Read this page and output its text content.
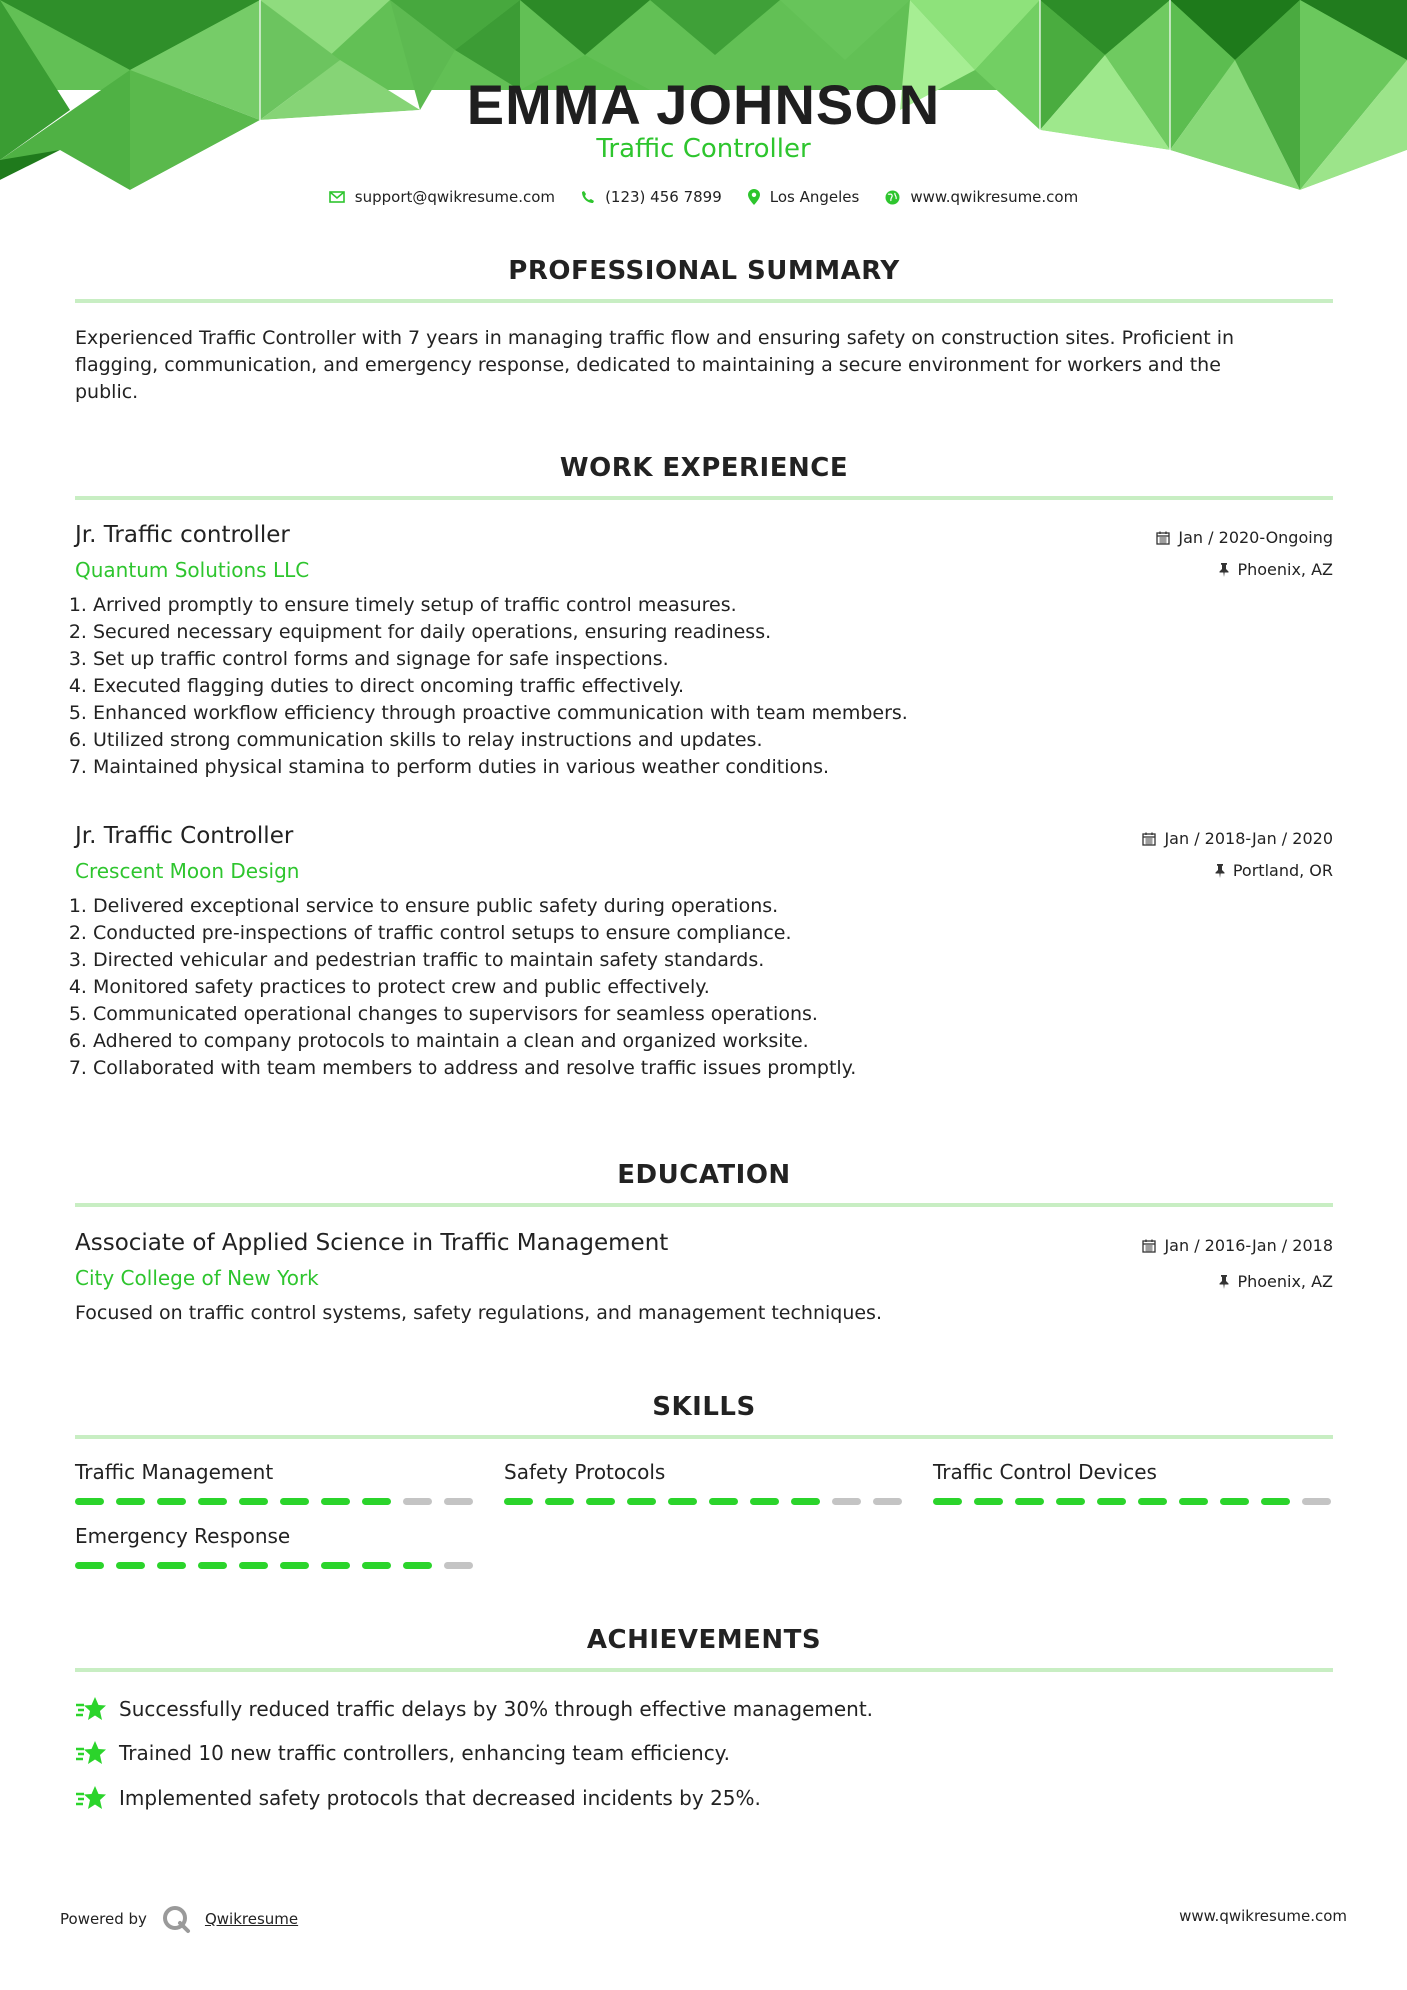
EMMA JOHNSON
Traffic Controller
support@qwikresume.com	(123) 456 7899	Los Angeles	www.qwikresume.com
PROFESSIONAL SUMMARY
Experienced Traffic Controller with 7 years in managing traffic flow and ensuring safety on construction sites. Proficient in
flagging, communication, and emergency response, dedicated to maintaining a secure environment for workers and the
public.
WORK EXPERIENCE
Jr. Traffic controller
Quantum Solutions LLC
Jan / 2020-Ongoing
Phoenix, AZ
1. Arrived promptly to ensure timely setup of traffic control measures.
2. Secured necessary equipment for daily operations, ensuring readiness.
3. Set up traffic control forms and signage for safe inspections.
4. Executed flagging duties to direct oncoming traffic effectively.
5. Enhanced workflow efficiency through proactive communication with team members.
6. Utilized strong communication skills to relay instructions and updates.
7. Maintained physical stamina to perform duties in various weather conditions.
Jr. Traffic Controller
Crescent Moon Design
Jan / 2018-Jan / 2020
Portland, OR
1. Delivered exceptional service to ensure public safety during operations.
2. Conducted pre-inspections of traffic control setups to ensure compliance.
3. Directed vehicular and pedestrian traffic to maintain safety standards.
4. Monitored safety practices to protect crew and public effectively.
5. Communicated operational changes to supervisors for seamless operations.
6. Adhered to company protocols to maintain a clean and organized worksite.
7. Collaborated with team members to address and resolve traffic issues promptly.
EDUCATION
Associate of Applied Science in Traffic Management
City College of New York
Jan / 2016-Jan / 2018
Phoenix, AZ
Focused on traffic control systems, safety regulations, and management techniques.
SKILLS
Traffic Management	Safety Protocols	Traffic Control Devices
Emergency Response
ACHIEVEMENTS
Successfully reduced traffic delays by 30% through effective management.
Trained 10 new traffic controllers, enhancing team efficiency.
Implemented safety protocols that decreased incidents by 25%.
Powered by	Qwikresume	www.qwikresume.com
